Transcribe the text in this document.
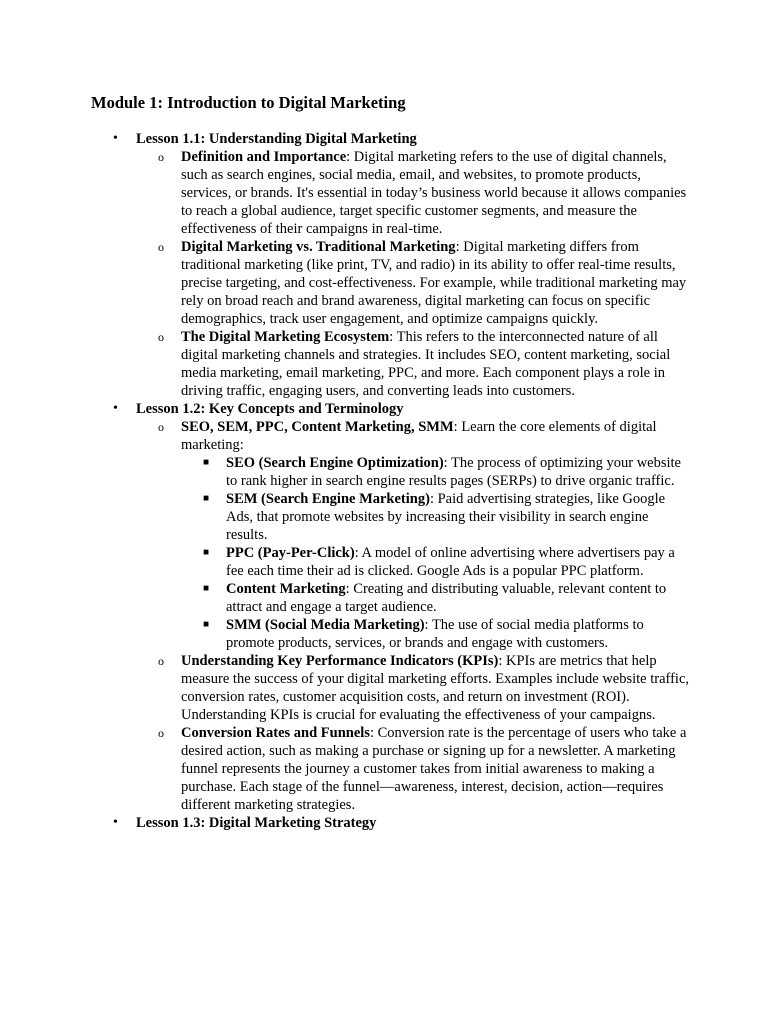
Module 1: Introduction to Digital Marketing
•	Lesson 1.1: Understanding Digital Marketing
o Definition and Importance: Digital marketing refers to the use of digital channels, such as search engines, social media, email, and websites, to promote products, services, or brands. It's essential in today’s business world because it allows companies to reach a global audience, target specific customer segments, and measure the effectiveness of their campaigns in real-time.
o Digital Marketing vs. Traditional Marketing: Digital marketing differs from traditional marketing (like print, TV, and radio) in its ability to offer real-time results, precise targeting, and cost-effectiveness. For example, while traditional marketing may rely on broad reach and brand awareness, digital marketing can focus on specific demographics, track user engagement, and optimize campaigns quickly.
o The Digital Marketing Ecosystem: This refers to the interconnected nature of all digital marketing channels and strategies. It includes SEO, content marketing, social media marketing, email marketing, PPC, and more. Each component plays a role in driving traffic, engaging users, and converting leads into customers.
•	Lesson 1.2: Key Concepts and Terminology
o SEO, SEM, PPC, Content Marketing, SMM: Learn the core elements of digital marketing:
■ SEO (Search Engine Optimization): The process of optimizing your website to rank higher in search engine results pages (SERPs) to drive organic traffic.
■ SEM (Search Engine Marketing): Paid advertising strategies, like Google Ads, that promote websites by increasing their visibility in search engine results.
■ PPC (Pay-Per-Click): A model of online advertising where advertisers pay a fee each time their ad is clicked. Google Ads is a popular PPC platform.
■ Content Marketing: Creating and distributing valuable, relevant content to attract and engage a target audience.
■ SMM (Social Media Marketing): The use of social media platforms to promote products, services, or brands and engage with customers.
o Understanding Key Performance Indicators (KPIs): KPIs are metrics that help measure the success of your digital marketing efforts. Examples include website traffic, conversion rates, customer acquisition costs, and return on investment (ROI). Understanding KPIs is crucial for evaluating the effectiveness of your campaigns.
o Conversion Rates and Funnels: Conversion rate is the percentage of users who take a desired action, such as making a purchase or signing up for a newsletter. A marketing funnel represents the journey a customer takes from initial awareness to making a purchase. Each stage of the funnel—awareness, interest, decision, action—requires different marketing strategies.
•	Lesson 1.3: Digital Marketing Strategy
